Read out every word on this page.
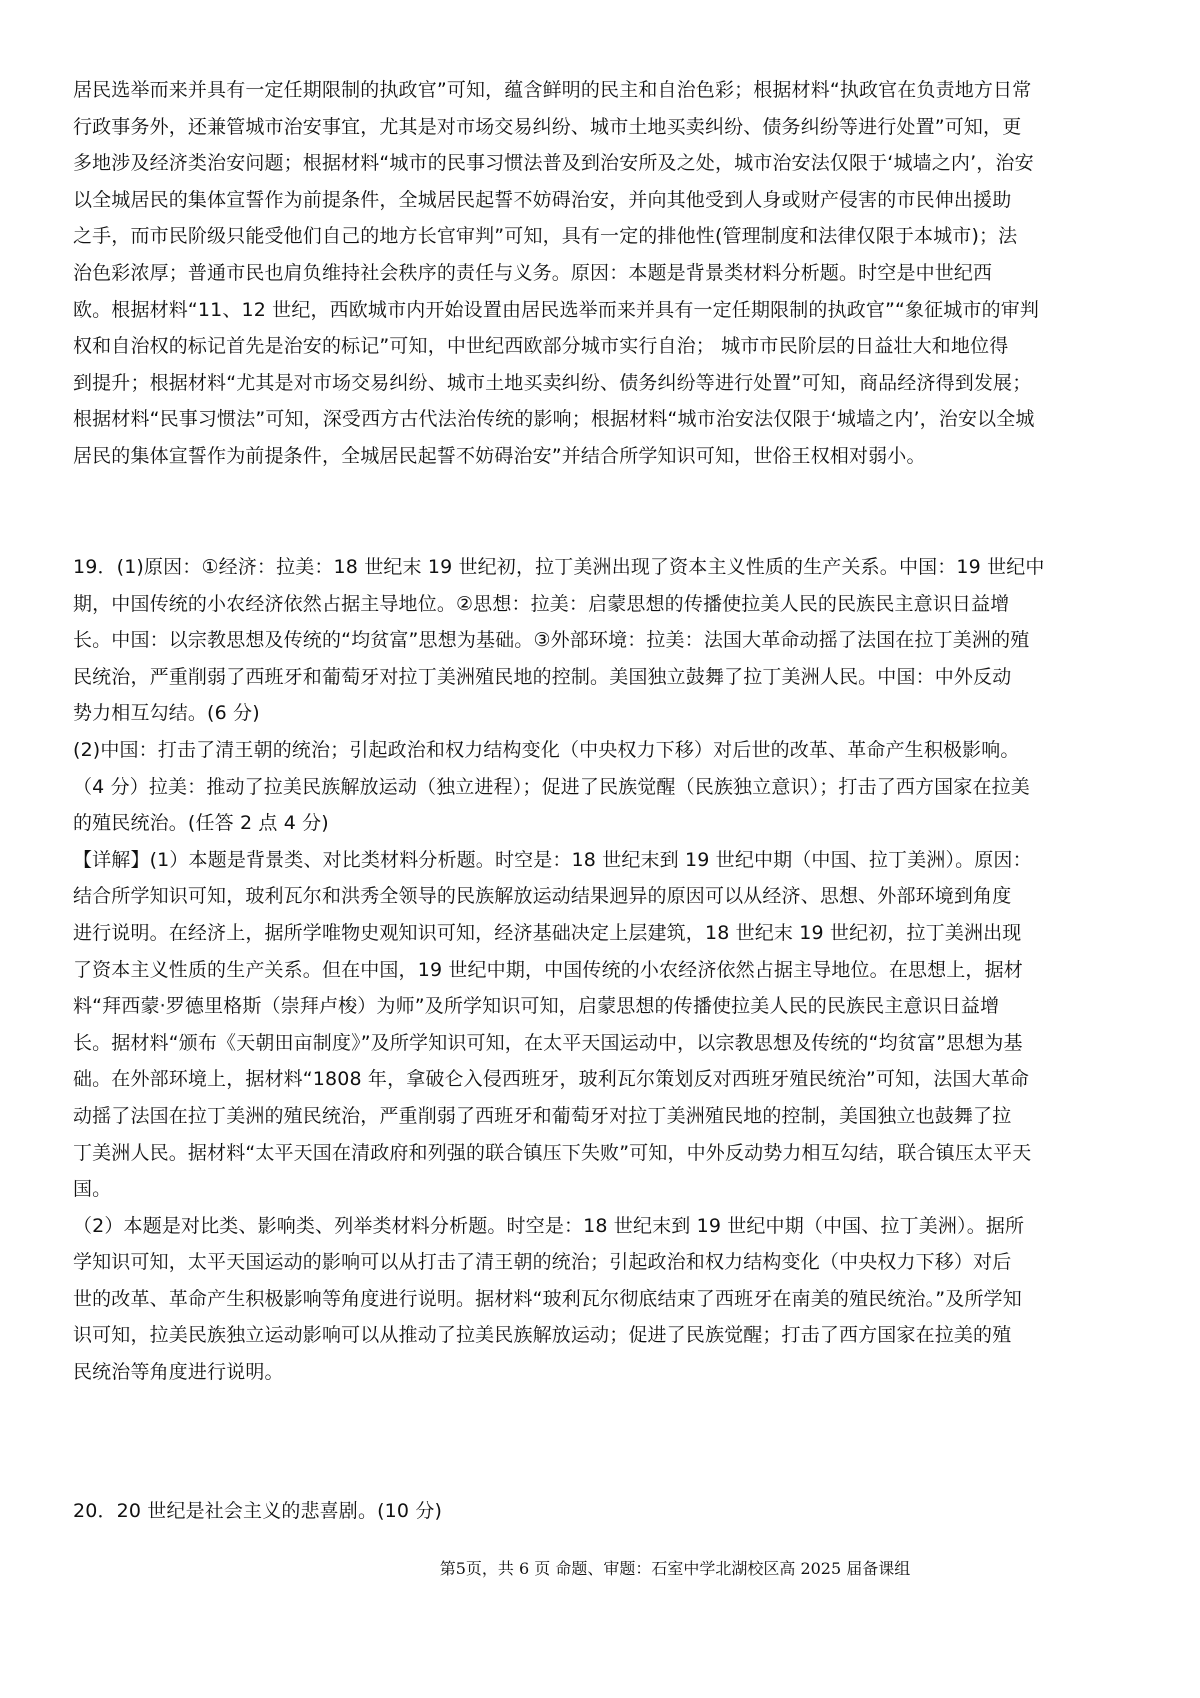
居民选举而来并具有一定任期限制的执政官”可知，蕴含鲜明的民主和自治色彩；根据材料“执政官在负责地方日常
行政事务外，还兼管城市治安事宜，尤其是对市场交易纠纷、城市土地买卖纠纷、债务纠纷等进行处置”可知，更
多地涉及经济类治安问题；根据材料“城市的民事习惯法普及到治安所及之处，城市治安法仅限于‘城墙之内’，治安
以全城居民的集体宣誓作为前提条件，全城居民起誓不妨碍治安，并向其他受到人身或财产侵害的市民伸出援助
之手，而市民阶级只能受他们自己的地方长官审判”可知，具有一定的排他性(管理制度和法律仅限于本城市)；法
治色彩浓厚；普通市民也肩负维持社会秩序的责任与义务。原因：本题是背景类材料分析题。时空是中世纪西
欧。根据材料“11、12 世纪，西欧城市内开始设置由居民选举而来并具有一定任期限制的执政官”“象征城市的审判
权和自治权的标记首先是治安的标记”可知，中世纪西欧部分城市实行自治； 城市市民阶层的日益壮大和地位得
到提升；根据材料“尤其是对市场交易纠纷、城市土地买卖纠纷、债务纠纷等进行处置”可知，商品经济得到发展；
根据材料“民事习惯法”可知，深受西方古代法治传统的影响；根据材料“城市治安法仅限于‘城墙之内’，治安以全城
居民的集体宣誓作为前提条件，全城居民起誓不妨碍治安”并结合所学知识可知，世俗王权相对弱小。
19．(1)原因：①经济：拉美：18 世纪末 19 世纪初，拉丁美洲出现了资本主义性质的生产关系。中国：19 世纪中
期，中国传统的小农经济依然占据主导地位。②思想：拉美：启蒙思想的传播使拉美人民的民族民主意识日益增
长。中国：以宗教思想及传统的“均贫富”思想为基础。③外部环境：拉美：法国大革命动摇了法国在拉丁美洲的殖
民统治，严重削弱了西班牙和葡萄牙对拉丁美洲殖民地的控制。美国独立鼓舞了拉丁美洲人民。中国：中外反动
势力相互勾结。(6 分)
(2)中国：打击了清王朝的统治；引起政治和权力结构变化（中央权力下移）对后世的改革、革命产生积极影响。
（4 分）拉美：推动了拉美民族解放运动（独立进程）；促进了民族觉醒（民族独立意识）；打击了西方国家在拉美
的殖民统治。(任答 2 点 4 分)
【详解】(1）本题是背景类、对比类材料分析题。时空是：18 世纪末到 19 世纪中期（中国、拉丁美洲）。原因：
结合所学知识可知，玻利瓦尔和洪秀全领导的民族解放运动结果迥异的原因可以从经济、思想、外部环境到角度
进行说明。在经济上，据所学唯物史观知识可知，经济基础决定上层建筑，18 世纪末 19 世纪初，拉丁美洲出现
了资本主义性质的生产关系。但在中国，19 世纪中期，中国传统的小农经济依然占据主导地位。在思想上，据材
料“拜西蒙·罗德里格斯（崇拜卢梭）为师”及所学知识可知，启蒙思想的传播使拉美人民的民族民主意识日益增
长。据材料“颁布《天朝田亩制度》”及所学知识可知，在太平天国运动中，以宗教思想及传统的“均贫富”思想为基
础。在外部环境上，据材料“1808 年，拿破仑入侵西班牙，玻利瓦尔策划反对西班牙殖民统治”可知，法国大革命
动摇了法国在拉丁美洲的殖民统治，严重削弱了西班牙和葡萄牙对拉丁美洲殖民地的控制，美国独立也鼓舞了拉
丁美洲人民。据材料“太平天国在清政府和列强的联合镇压下失败”可知，中外反动势力相互勾结，联合镇压太平天
国。
（2）本题是对比类、影响类、列举类材料分析题。时空是：18 世纪末到 19 世纪中期（中国、拉丁美洲）。据所
学知识可知，太平天国运动的影响可以从打击了清王朝的统治；引起政治和权力结构变化（中央权力下移）对后
世的改革、革命产生积极影响等角度进行说明。据材料“玻利瓦尔彻底结束了西班牙在南美的殖民统治。”及所学知
识可知，拉美民族独立运动影响可以从推动了拉美民族解放运动；促进了民族觉醒；打击了西方国家在拉美的殖
民统治等角度进行说明。
20．20 世纪是社会主义的悲喜剧。(10 分)
第5页，共 6 页 命题、审题：石室中学北湖校区高 2025 届备课组
